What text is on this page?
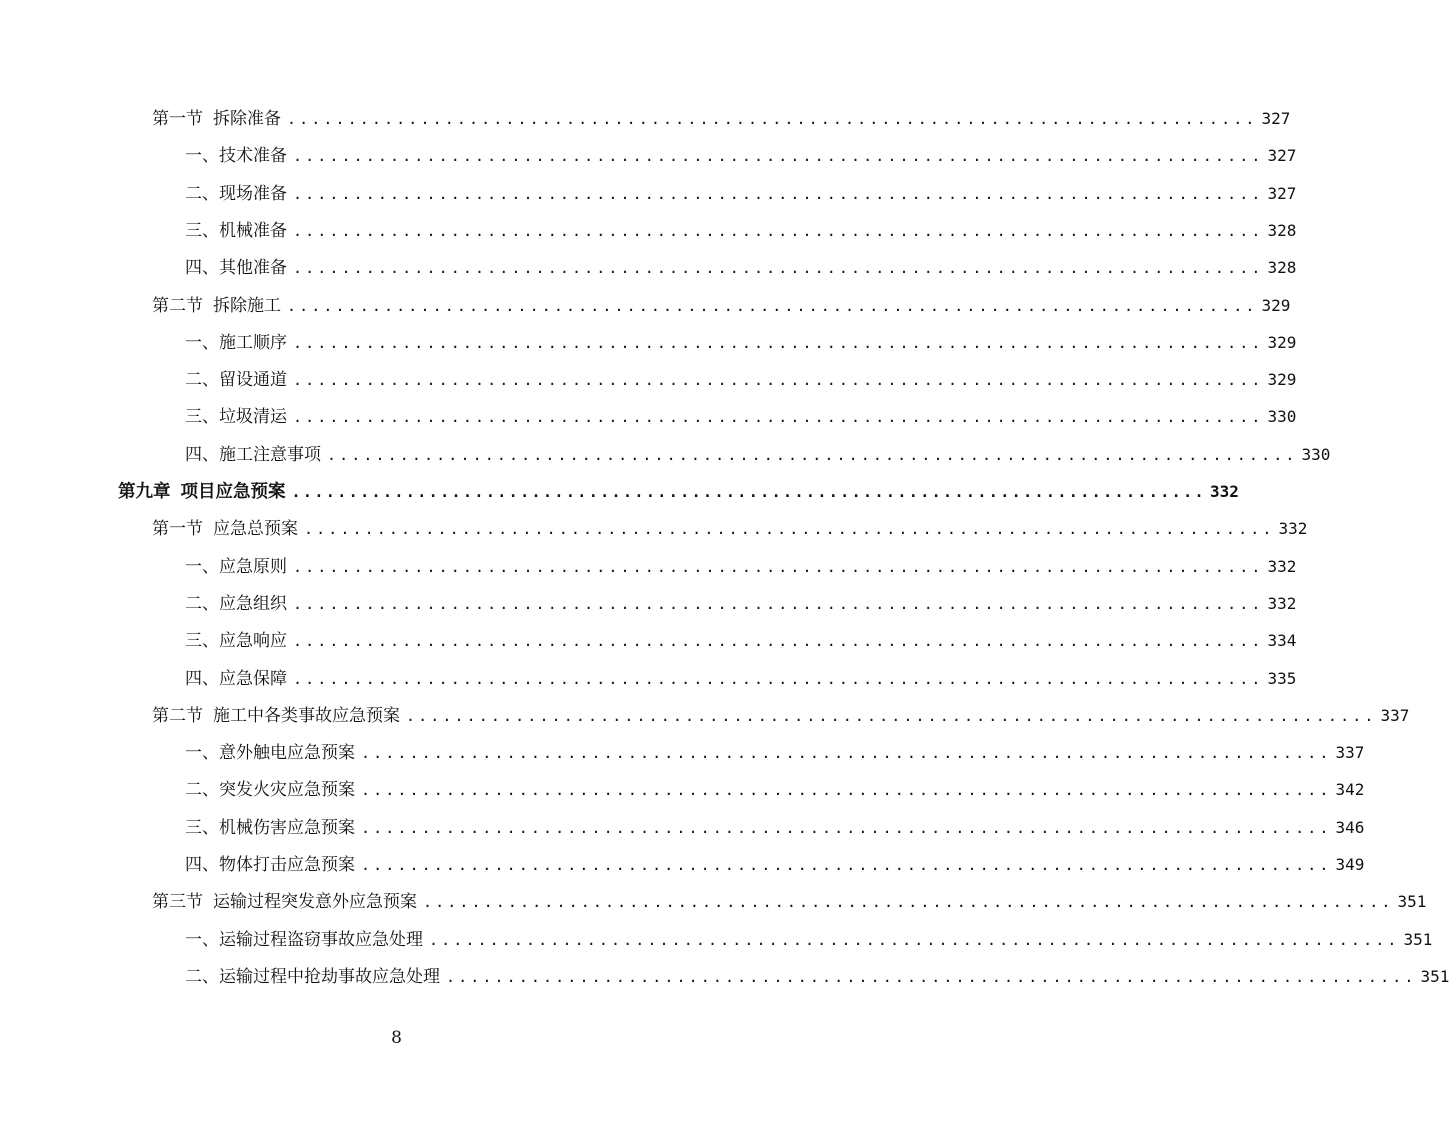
第一节 拆除准备 ................................................................................ 327
一、技术准备 ................................................................................ 327
二、现场准备 ................................................................................ 327
三、机械准备 ................................................................................ 328
四、其他准备 ................................................................................ 328
第二节 拆除施工 ................................................................................ 329
一、施工顺序 ................................................................................ 329
二、留设通道 ................................................................................ 329
三、垃圾清运 ................................................................................ 330
四、施工注意事项 ................................................................................ 330
第九章 项目应急预案 ................................................................................ 332
第一节 应急总预案 ................................................................................ 332
一、应急原则 ................................................................................ 332
二、应急组织 ................................................................................ 332
三、应急响应 ................................................................................ 334
四、应急保障 ................................................................................ 335
第二节 施工中各类事故应急预案 ................................................................................ 337
一、意外触电应急预案 ................................................................................ 337
二、突发火灾应急预案 ................................................................................ 342
三、机械伤害应急预案 ................................................................................ 346
四、物体打击应急预案 ................................................................................ 349
第三节 运输过程突发意外应急预案 ................................................................................ 351
一、运输过程盗窃事故应急处理 ................................................................................ 351
二、运输过程中抢劫事故应急处理 ................................................................................ 351
8
